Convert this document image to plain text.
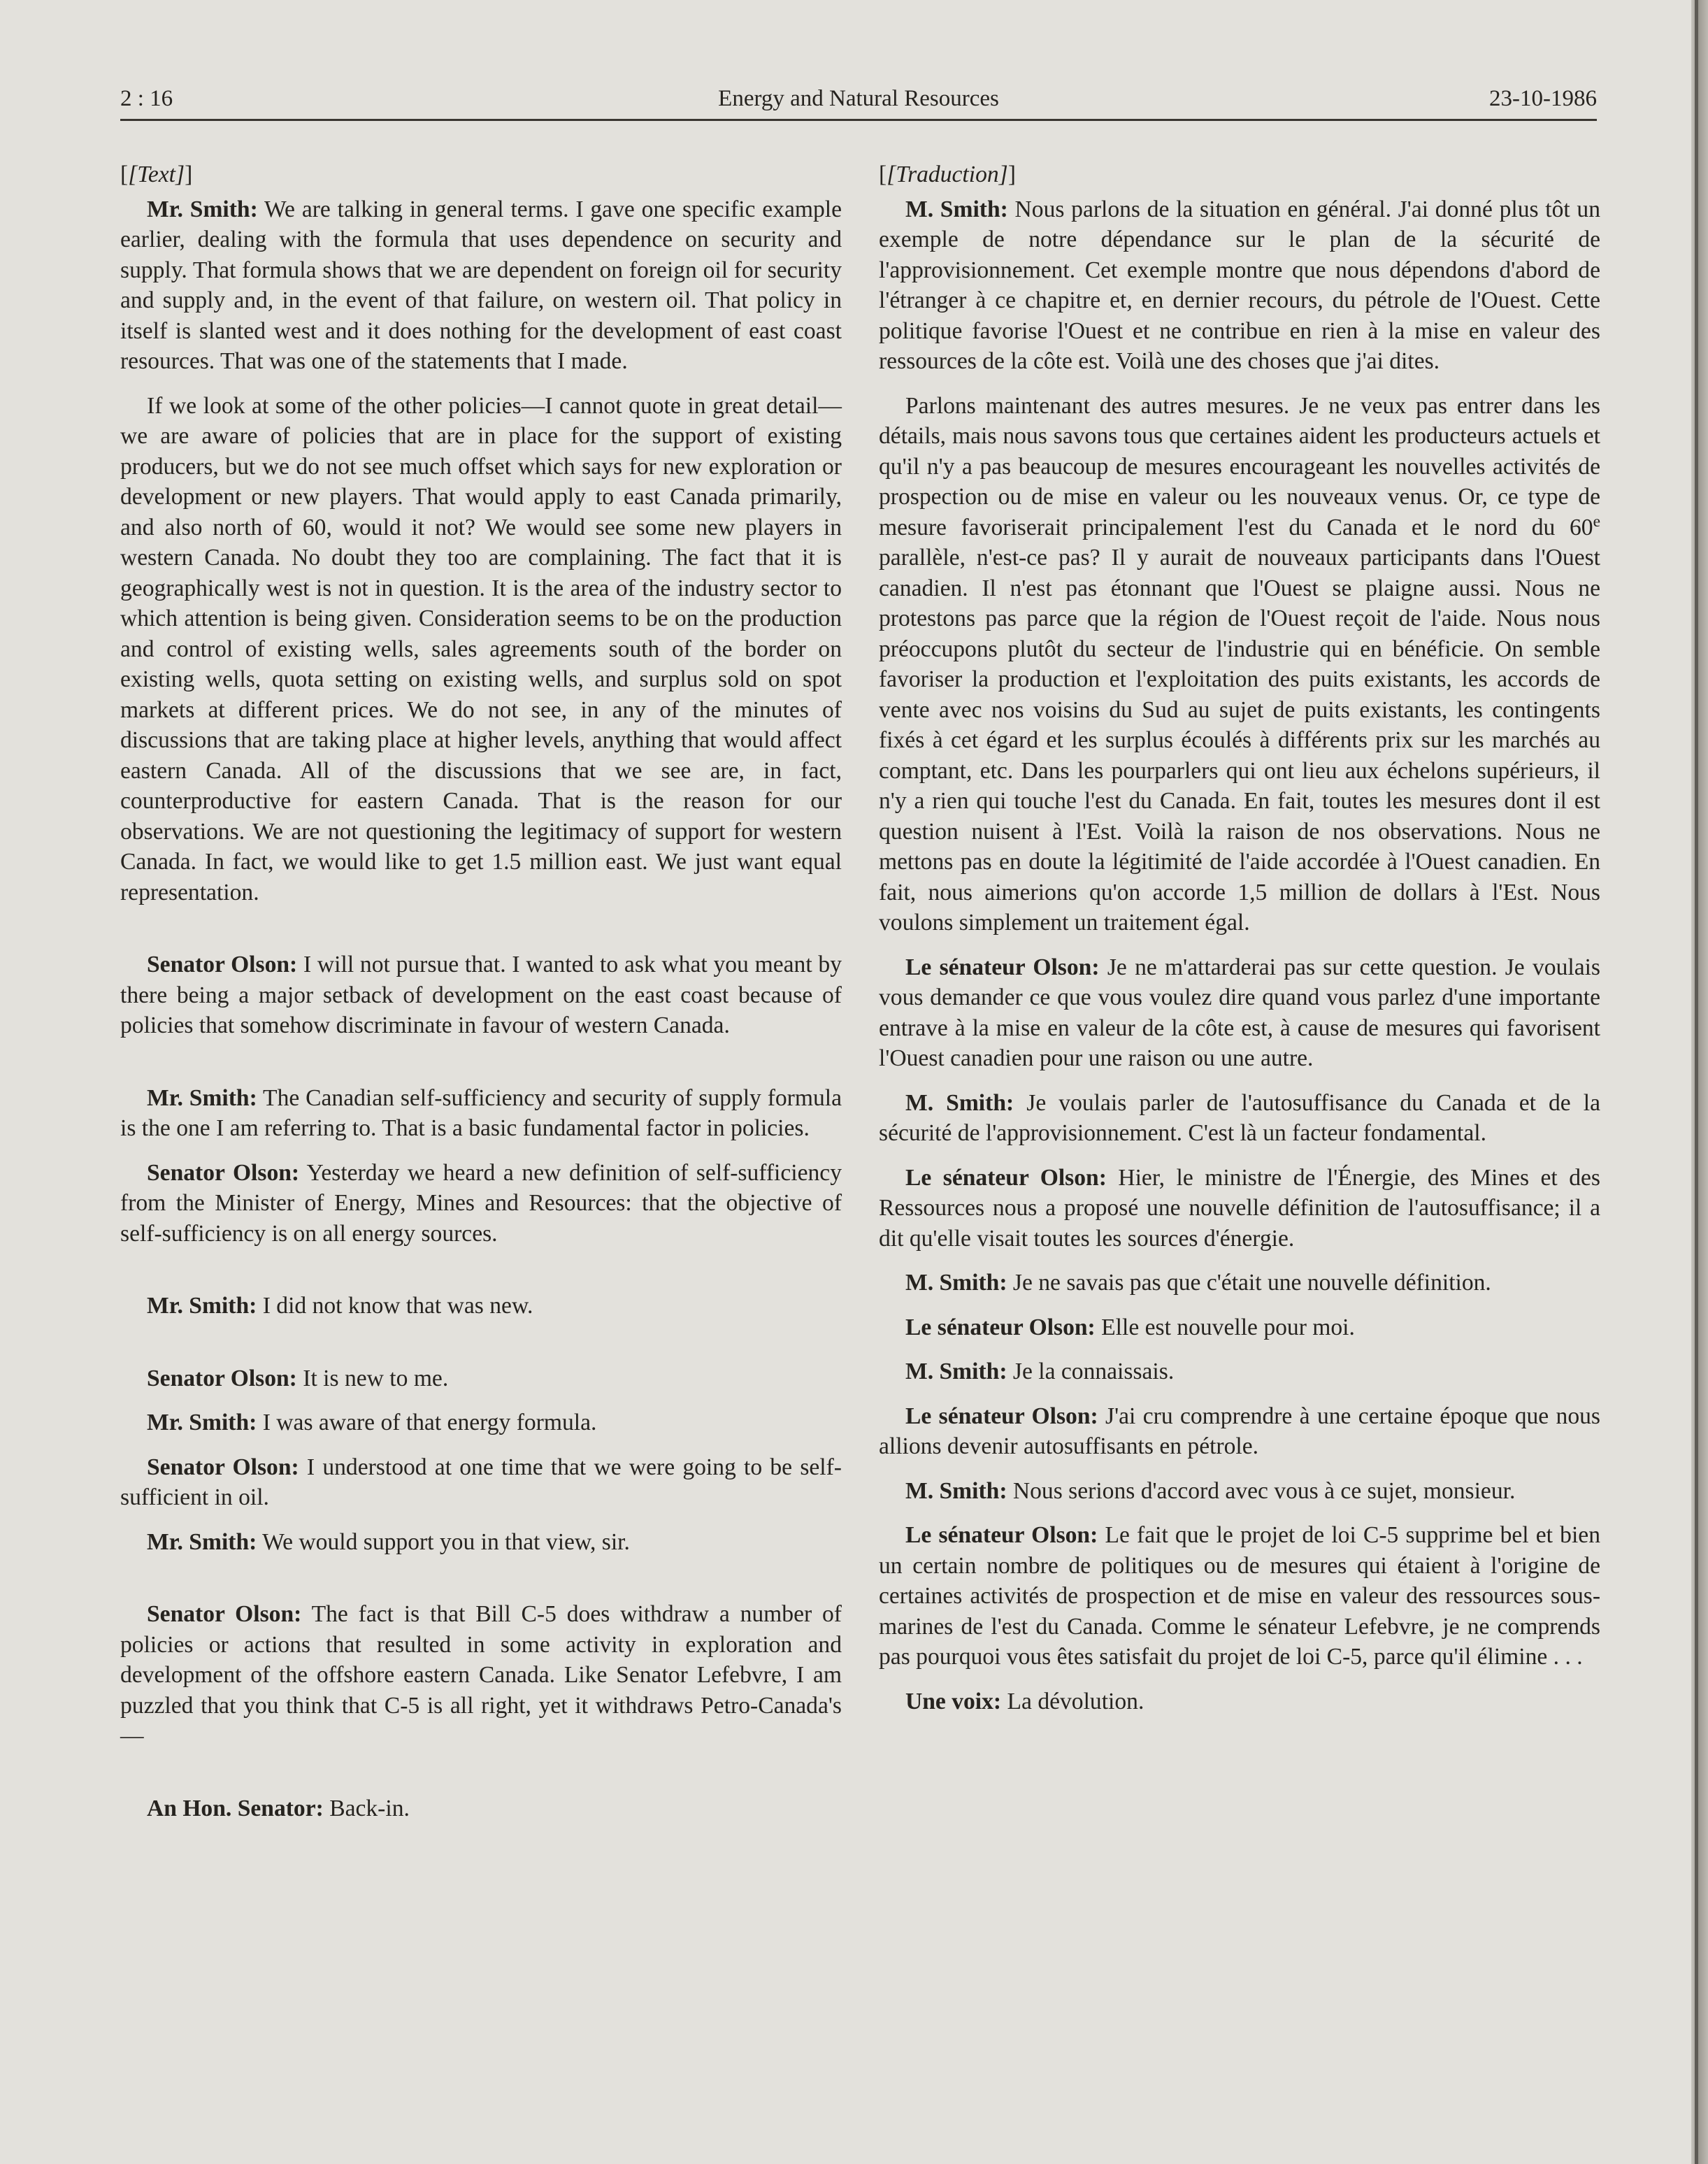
2 : 16	Energy and Natural Resources	23-10-1986

[[Text]]

Mr. Smith: We are talking in general terms. I gave one specific example earlier, dealing with the formula that uses dependence on security and supply. That formula shows that we are dependent on foreign oil for security and supply and, in the event of that failure, on western oil. That policy in itself is slanted west and it does nothing for the development of east coast resources. That was one of the statements that I made.

If we look at some of the other policies—I cannot quote in great detail—we are aware of policies that are in place for the support of existing producers, but we do not see much offset which says for new exploration or development or new players. That would apply to east Canada primarily, and also north of 60, would it not? We would see some new players in western Canada. No doubt they too are complaining. The fact that it is geographically west is not in question. It is the area of the industry sector to which attention is being given. Consideration seems to be on the production and control of existing wells, sales agreements south of the border on existing wells, quota setting on existing wells, and surplus sold on spot markets at different prices. We do not see, in any of the minutes of discussions that are taking place at higher levels, anything that would affect eastern Canada. All of the discussions that we see are, in fact, counterproductive for eastern Canada. That is the reason for our observations. We are not questioning the legitimacy of support for western Canada. In fact, we would like to get 1.5 million east. We just want equal representation.

Senator Olson: I will not pursue that. I wanted to ask what you meant by there being a major setback of development on the east coast because of policies that somehow discriminate in favour of western Canada.

Mr. Smith: The Canadian self-sufficiency and security of supply formula is the one I am referring to. That is a basic fundamental factor in policies.

Senator Olson: Yesterday we heard a new definition of self-sufficiency from the Minister of Energy, Mines and Resources: that the objective of self-sufficiency is on all energy sources.

Mr. Smith: I did not know that was new.

Senator Olson: It is new to me.

Mr. Smith: I was aware of that energy formula.

Senator Olson: I understood at one time that we were going to be self-sufficient in oil.

Mr. Smith: We would support you in that view, sir.

Senator Olson: The fact is that Bill C-5 does withdraw a number of policies or actions that resulted in some activity in exploration and development of the offshore eastern Canada. Like Senator Lefebvre, I am puzzled that you think that C-5 is all right, yet it withdraws Petro-Canada's—

An Hon. Senator: Back-in.

[[Traduction]]

M. Smith: Nous parlons de la situation en général. J'ai donné plus tôt un exemple de notre dépendance sur le plan de la sécurité de l'approvisionnement. Cet exemple montre que nous dépendons d'abord de l'étranger à ce chapitre et, en dernier recours, du pétrole de l'Ouest. Cette politique favorise l'Ouest et ne contribue en rien à la mise en valeur des ressources de la côte est. Voilà une des choses que j'ai dites.

Parlons maintenant des autres mesures. Je ne veux pas entrer dans les détails, mais nous savons tous que certaines aident les producteurs actuels et qu'il n'y a pas beaucoup de mesures encourageant les nouvelles activités de prospection ou de mise en valeur ou les nouveaux venus. Or, ce type de mesure favoriserait principalement l'est du Canada et le nord du 60e parallèle, n'est-ce pas? Il y aurait de nouveaux participants dans l'Ouest canadien. Il n'est pas étonnant que l'Ouest se plaigne aussi. Nous ne protestons pas parce que la région de l'Ouest reçoit de l'aide. Nous nous préoccupons plutôt du secteur de l'industrie qui en bénéficie. On semble favoriser la production et l'exploitation des puits existants, les accords de vente avec nos voisins du Sud au sujet de puits existants, les contingents fixés à cet égard et les surplus écoulés à différents prix sur les marchés au comptant, etc. Dans les pourparlers qui ont lieu aux échelons supérieurs, il n'y a rien qui touche l'est du Canada. En fait, toutes les mesures dont il est question nuisent à l'Est. Voilà la raison de nos observations. Nous ne mettons pas en doute la légitimité de l'aide accordée à l'Ouest canadien. En fait, nous aimerions qu'on accorde 1,5 million de dollars à l'Est. Nous voulons simplement un traitement égal.

Le sénateur Olson: Je ne m'attarderai pas sur cette question. Je voulais vous demander ce que vous voulez dire quand vous parlez d'une importante entrave à la mise en valeur de la côte est, à cause de mesures qui favorisent l'Ouest canadien pour une raison ou une autre.

M. Smith: Je voulais parler de l'autosuffisance du Canada et de la sécurité de l'approvisionnement. C'est là un facteur fondamental.

Le sénateur Olson: Hier, le ministre de l'Énergie, des Mines et des Ressources nous a proposé une nouvelle définition de l'autosuffisance; il a dit qu'elle visait toutes les sources d'énergie.

M. Smith: Je ne savais pas que c'était une nouvelle définition.

Le sénateur Olson: Elle est nouvelle pour moi.

M. Smith: Je la connaissais.

Le sénateur Olson: J'ai cru comprendre à une certaine époque que nous allions devenir autosuffisants en pétrole.

M. Smith: Nous serions d'accord avec vous à ce sujet, monsieur.

Le sénateur Olson: Le fait que le projet de loi C-5 supprime bel et bien un certain nombre de politiques ou de mesures qui étaient à l'origine de certaines activités de prospection et de mise en valeur des ressources sous-marines de l'est du Canada. Comme le sénateur Lefebvre, je ne comprends pas pourquoi vous êtes satisfait du projet de loi C-5, parce qu'il élimine . . .

Une voix: La dévolution.
